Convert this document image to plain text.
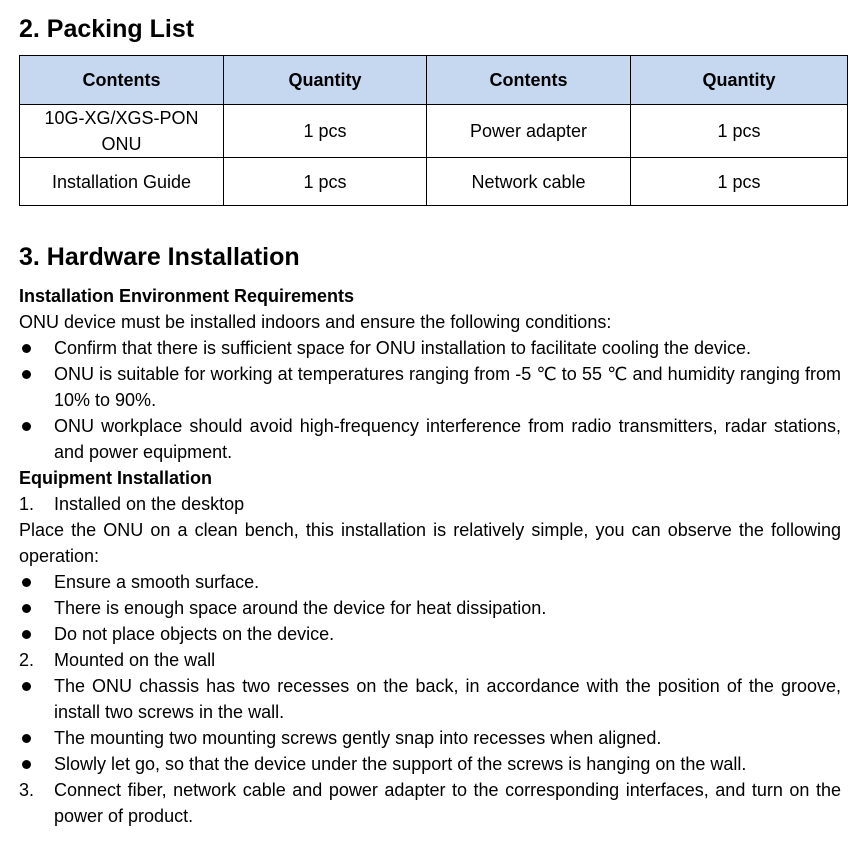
2. Packing List
Contents	Quantity	Contents	Quantity
10G-XG/XGS-PON ONU	1 pcs	Power adapter	1 pcs
Installation Guide	1 pcs	Network cable	1 pcs
3. Hardware Installation

Installation Environment Requirements

ONU device must be installed indoors and ensure the following conditions:

Confirm that there is sufficient space for ONU installation to facilitate cooling the device.
ONU is suitable for working at temperatures ranging from -5 ℃ to 55 ℃ and humidity ranging from 10% to 90%.
ONU workplace should avoid high-frequency interference from radio transmitters, radar stations, and power equipment.

Equipment Installation

1. Installed on the desktop

Place the ONU on a clean bench, this installation is relatively simple, you can observe the following operation:

Ensure a smooth surface.
There is enough space around the device for heat dissipation.
Do not place objects on the device.
2. Mounted on the wall
The ONU chassis has two recesses on the back, in accordance with the position of the groove, install two screws in the wall.
The mounting two mounting screws gently snap into recesses when aligned.
Slowly let go, so that the device under the support of the screws is hanging on the wall.
3. Connect fiber, network cable and power adapter to the corresponding interfaces, and turn on the power of product.
